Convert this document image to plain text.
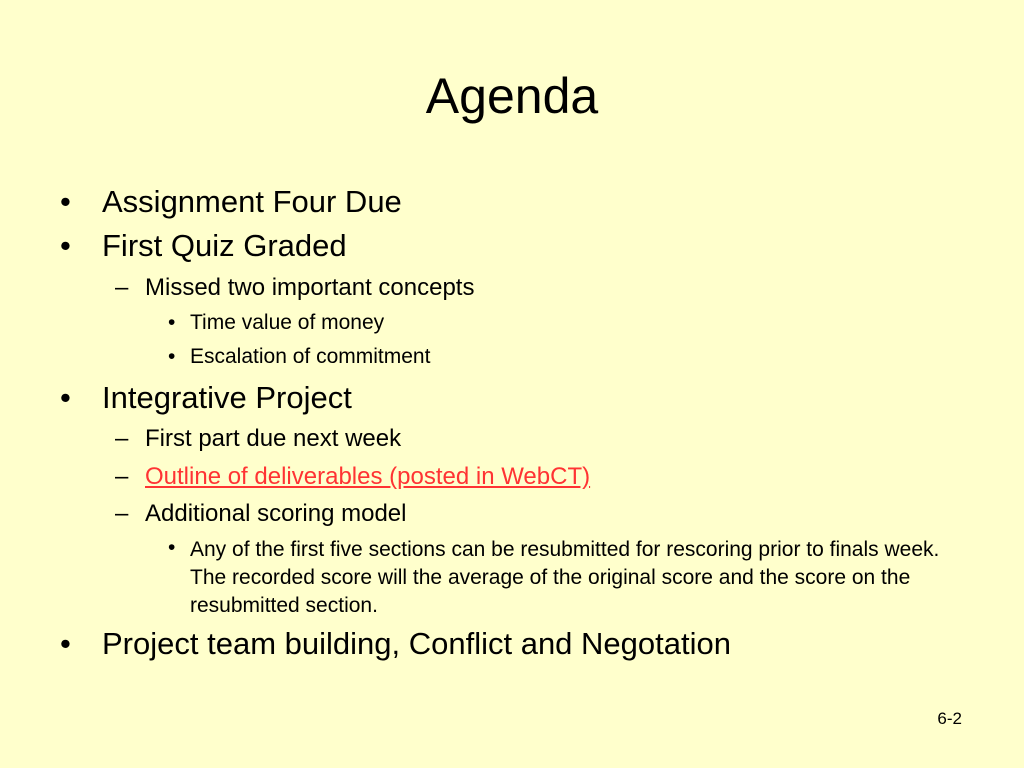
Agenda
•	Assignment Four Due
•	First Quiz Graded
– Missed two important concepts
• Time value of money
• Escalation of commitment
•	Integrative Project
– First part due next week
– Outline of deliverables (posted in WebCT)
– Additional scoring model
• Any of the first five sections can be resubmitted for rescoring prior to finals week. The recorded score will the average of the original score and the score on the resubmitted section.
•	Project team building, Conflict and Negotation
6-2
